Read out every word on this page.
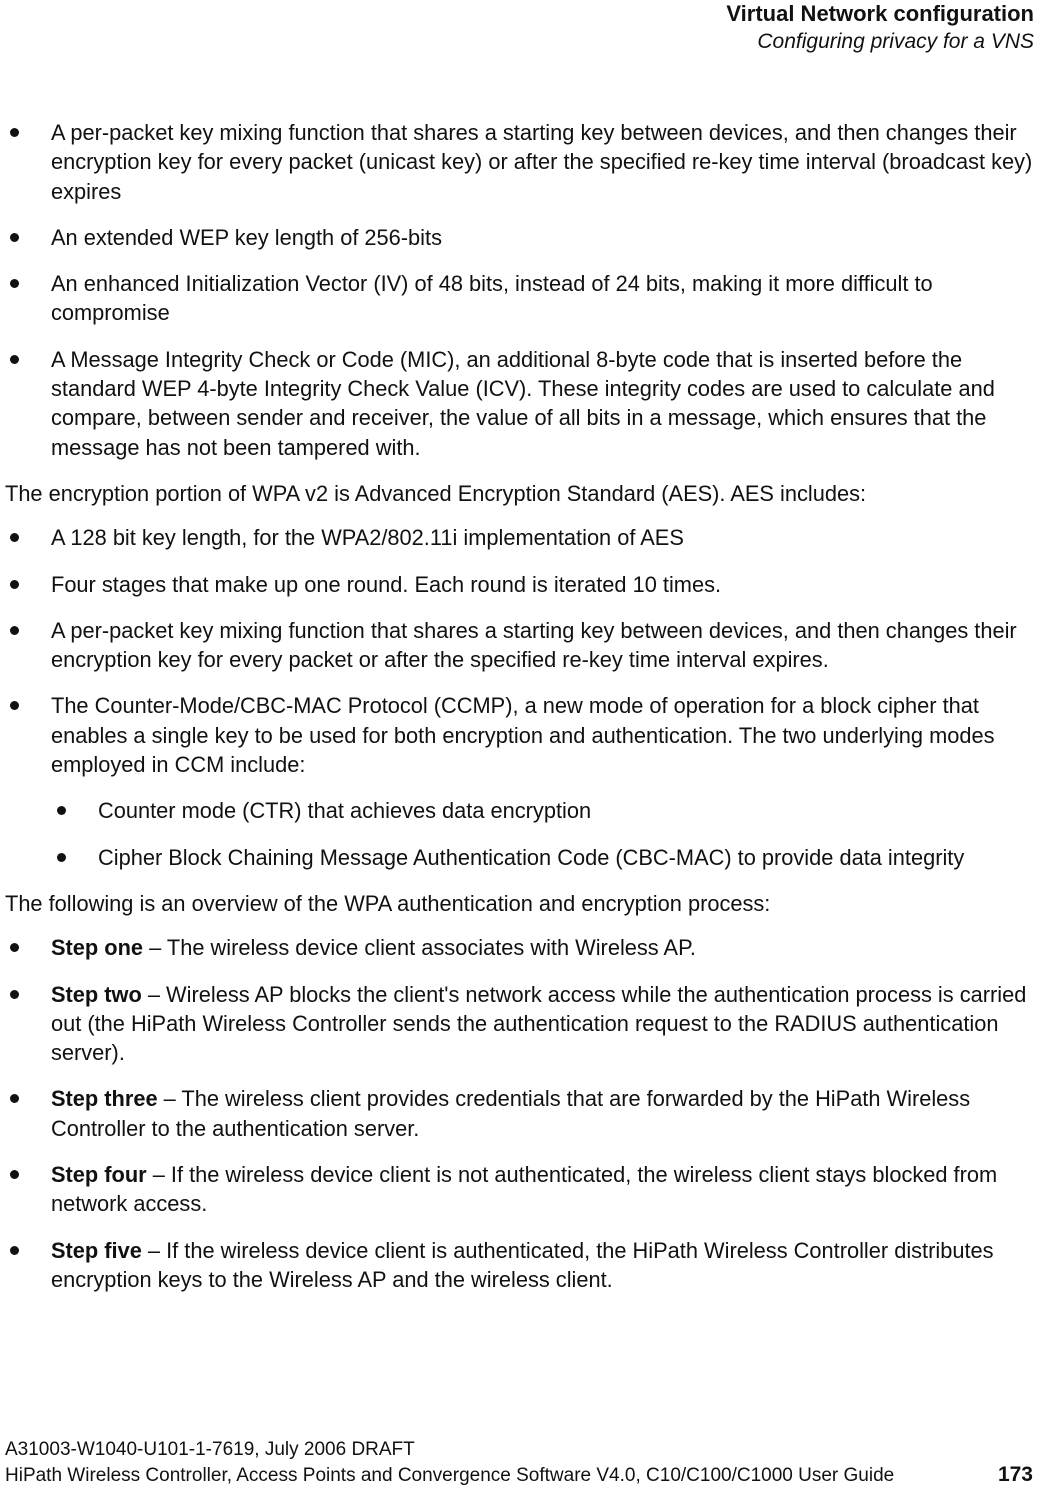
Virtual Network configuration
Configuring privacy for a VNS
A per-packet key mixing function that shares a starting key between devices, and then changes their encryption key for every packet (unicast key) or after the specified re-key time interval (broadcast key) expires
An extended WEP key length of 256-bits
An enhanced Initialization Vector (IV) of 48 bits, instead of 24 bits, making it more difficult to compromise
A Message Integrity Check or Code (MIC), an additional 8-byte code that is inserted before the standard WEP 4-byte Integrity Check Value (ICV). These integrity codes are used to calculate and compare, between sender and receiver, the value of all bits in a message, which ensures that the message has not been tampered with.
The encryption portion of WPA v2 is Advanced Encryption Standard (AES). AES includes:
A 128 bit key length, for the WPA2/802.11i implementation of AES
Four stages that make up one round. Each round is iterated 10 times.
A per-packet key mixing function that shares a starting key between devices, and then changes their encryption key for every packet or after the specified re-key time interval expires.
The Counter-Mode/CBC-MAC Protocol (CCMP), a new mode of operation for a block cipher that enables a single key to be used for both encryption and authentication. The two underlying modes employed in CCM include:
Counter mode (CTR) that achieves data encryption
Cipher Block Chaining Message Authentication Code (CBC-MAC) to provide data integrity
The following is an overview of the WPA authentication and encryption process:
Step one – The wireless device client associates with Wireless AP.
Step two – Wireless AP blocks the client's network access while the authentication process is carried out (the HiPath Wireless Controller sends the authentication request to the RADIUS authentication server).
Step three – The wireless client provides credentials that are forwarded by the HiPath Wireless Controller to the authentication server.
Step four – If the wireless device client is not authenticated, the wireless client stays blocked from network access.
Step five – If the wireless device client is authenticated, the HiPath Wireless Controller distributes encryption keys to the Wireless AP and the wireless client.
A31003-W1040-U101-1-7619, July 2006 DRAFT
HiPath Wireless Controller, Access Points and Convergence Software V4.0, C10/C100/C1000 User Guide	173
